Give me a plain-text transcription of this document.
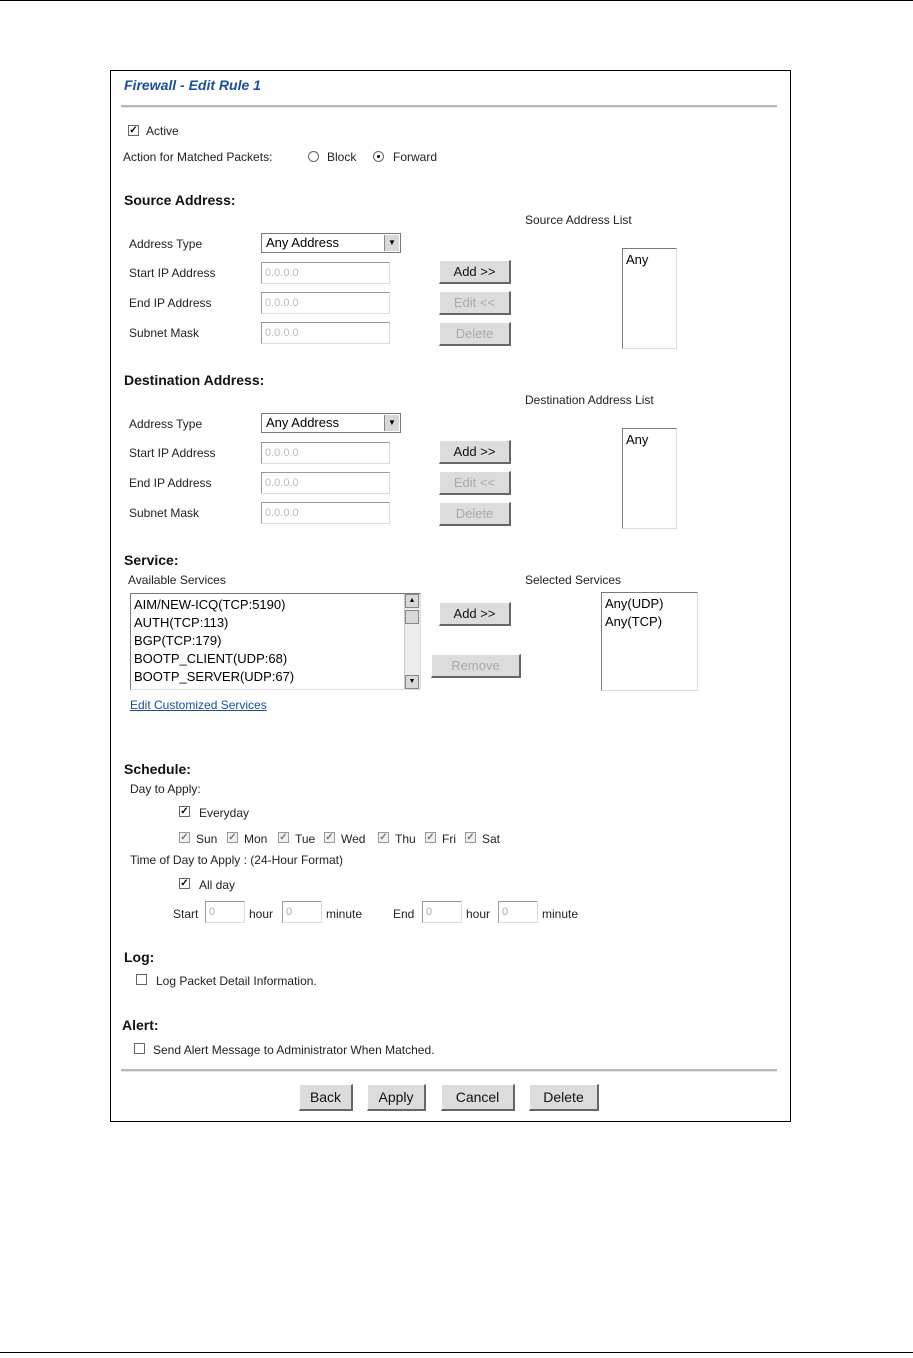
Firewall - Edit Rule 1
✓ Active
Action for Matched Packets:	Block	Forward
Source Address:
Source Address List
Address Type	Any Address	▼
Start IP Address	0.0.0.0
End IP Address	0.0.0.0
Subnet Mask	0.0.0.0
Add >>
Edit <<
Delete
Any
Destination Address:
Destination Address List
Address Type	Any Address	▼
Start IP Address	0.0.0.0
End IP Address	0.0.0.0
Subnet Mask	0.0.0.0
Add >>
Edit <<
Delete
Any
Service:
Available Services	Selected Services
AIM/NEW-ICQ(TCP:5190)
AUTH(TCP:113)
BGP(TCP:179)
BOOTP_CLIENT(UDP:68)
BOOTP_SERVER(UDP:67)
▲
▼
Add >>
Remove
Any(UDP)
Any(TCP)
Edit Customized Services
Schedule:
Day to Apply:
✓ Everyday
✓ Sun ✓ Mon ✓ Tue ✓ Wed ✓ Thu ✓ Fri ✓ Sat
Time of Day to Apply : (24-Hour Format)
✓ All day
Start 0	hour	0	minute	End	0	hour	0	minute
Log:
Log Packet Detail Information.
Alert:
Send Alert Message to Administrator When Matched.
Back	Apply	Cancel	Delete
